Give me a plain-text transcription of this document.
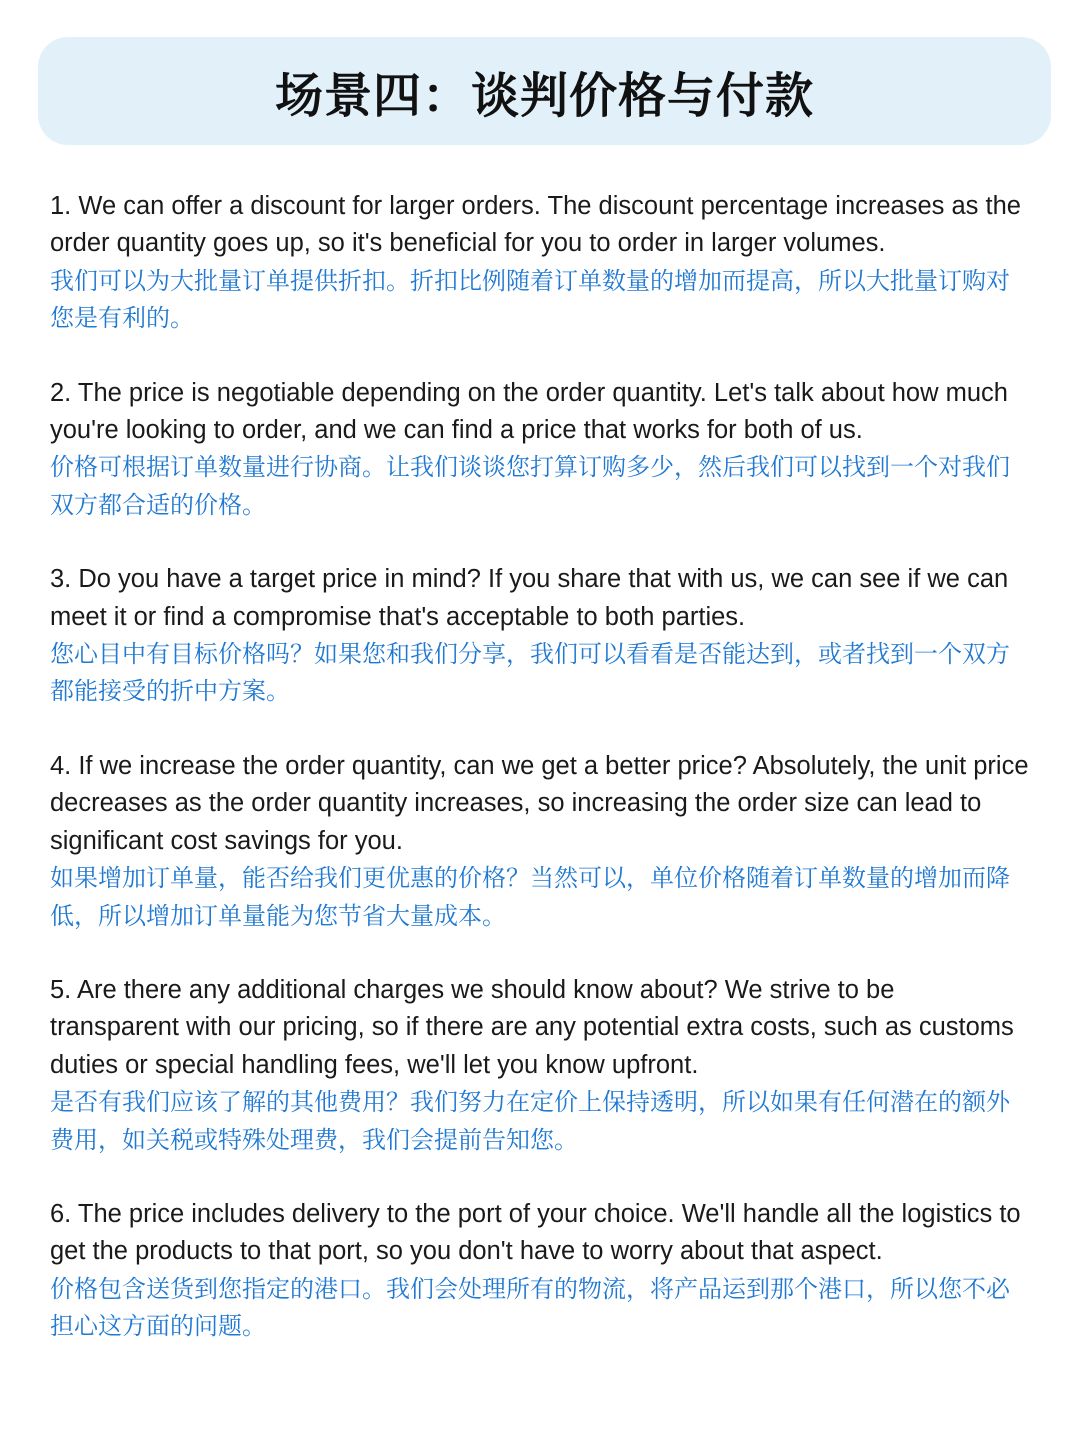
场景四：谈判价格与付款

1. We can offer a discount for larger orders. The discount percentage increases as the order quantity goes up, so it's beneficial for you to order in larger volumes.

我们可以为大批量订单提供折扣。折扣比例随着订单数量的增加而提高，所以大批量订购对您是有利的。

2. The price is negotiable depending on the order quantity. Let's talk about how much you're looking to order, and we can find a price that works for both of us.

价格可根据订单数量进行协商。让我们谈谈您打算订购多少，然后我们可以找到一个对我们双方都合适的价格。

3. Do you have a target price in mind? If you share that with us, we can see if we can meet it or find a compromise that's acceptable to both parties.

您心目中有目标价格吗？如果您和我们分享，我们可以看看是否能达到，或者找到一个双方都能接受的折中方案。

4. If we increase the order quantity, can we get a better price? Absolutely, the unit price decreases as the order quantity increases, so increasing the order size can lead to significant cost savings for you.

如果增加订单量，能否给我们更优惠的价格？当然可以，单位价格随着订单数量的增加而降低，所以增加订单量能为您节省大量成本。

5. Are there any additional charges we should know about? We strive to be transparent with our pricing, so if there are any potential extra costs, such as customs duties or special handling fees, we'll let you know upfront.

是否有我们应该了解的其他费用？我们努力在定价上保持透明，所以如果有任何潜在的额外费用，如关税或特殊处理费，我们会提前告知您。

6. The price includes delivery to the port of your choice. We'll handle all the logistics to get the products to that port, so you don't have to worry about that aspect.

价格包含送货到您指定的港口。我们会处理所有的物流，将产品运到那个港口，所以您不必担心这方面的问题。
